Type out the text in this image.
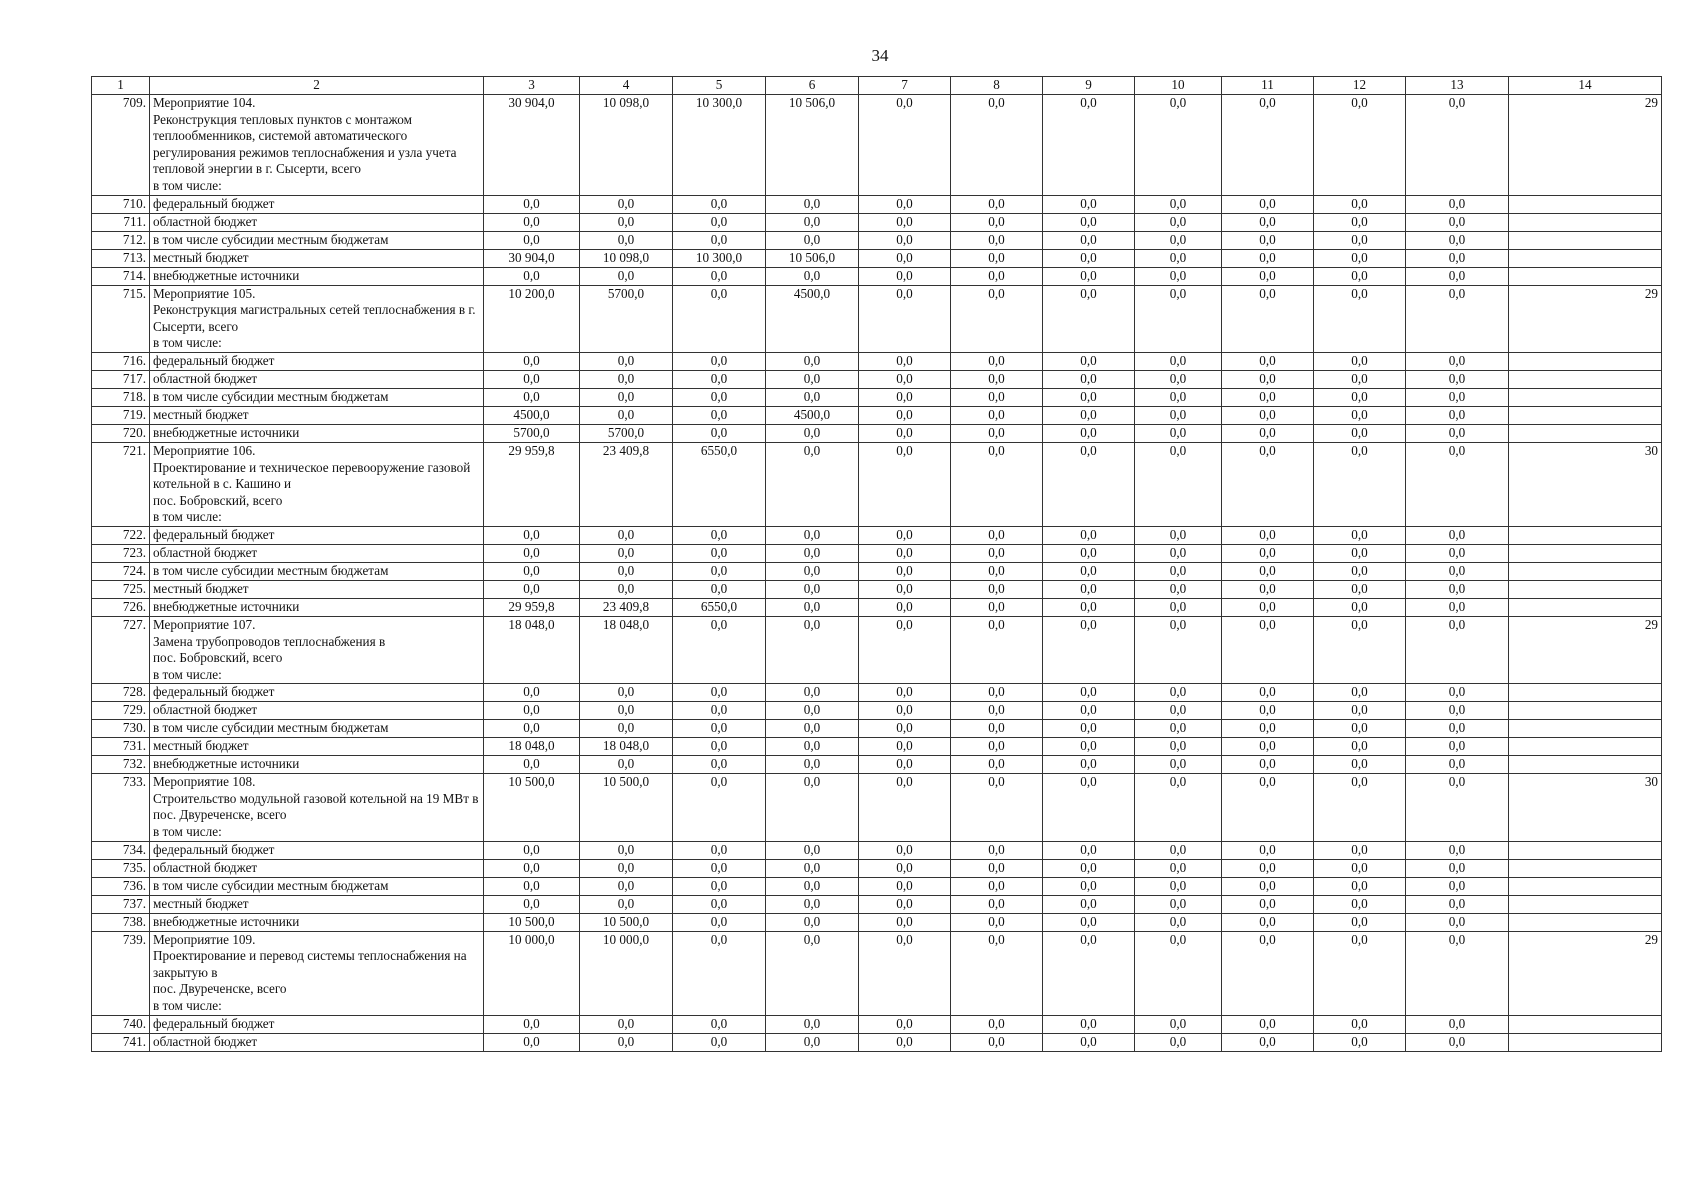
34
1	2	3	4	5	6	7	8	9	10	11	12	13	14
709.	Мероприятие 104.
Реконструкция тепловых пунктов с монтажом теплообменников, системой автоматического регулирования режимов теплоснабжения и узла учета тепловой энергии в г. Сысерти, всего
в том числе:	30 904,0	10 098,0	10 300,0	10 506,0	0,0	0,0	0,0	0,0	0,0	0,0	0,0	29
710.	федеральный бюджет	0,0	0,0	0,0	0,0	0,0	0,0	0,0	0,0	0,0	0,0	0,0	
711.	областной бюджет	0,0	0,0	0,0	0,0	0,0	0,0	0,0	0,0	0,0	0,0	0,0	
712.	в том числе субсидии местным бюджетам	0,0	0,0	0,0	0,0	0,0	0,0	0,0	0,0	0,0	0,0	0,0	
713.	местный бюджет	30 904,0	10 098,0	10 300,0	10 506,0	0,0	0,0	0,0	0,0	0,0	0,0	0,0	
714.	внебюджетные источники	0,0	0,0	0,0	0,0	0,0	0,0	0,0	0,0	0,0	0,0	0,0	
715.	Мероприятие 105.
Реконструкция магистральных сетей теплоснабжения в г. Сысерти, всего
в том числе:	10 200,0	5700,0	0,0	4500,0	0,0	0,0	0,0	0,0	0,0	0,0	0,0	29
716.	федеральный бюджет	0,0	0,0	0,0	0,0	0,0	0,0	0,0	0,0	0,0	0,0	0,0	
717.	областной бюджет	0,0	0,0	0,0	0,0	0,0	0,0	0,0	0,0	0,0	0,0	0,0	
718.	в том числе субсидии местным бюджетам	0,0	0,0	0,0	0,0	0,0	0,0	0,0	0,0	0,0	0,0	0,0	
719.	местный бюджет	4500,0	0,0	0,0	4500,0	0,0	0,0	0,0	0,0	0,0	0,0	0,0	
720.	внебюджетные источники	5700,0	5700,0	0,0	0,0	0,0	0,0	0,0	0,0	0,0	0,0	0,0	
721.	Мероприятие 106.
Проектирование и техническое перевооружение газовой котельной в с. Кашино и
пос. Бобровский, всего
в том числе:	29 959,8	23 409,8	6550,0	0,0	0,0	0,0	0,0	0,0	0,0	0,0	0,0	30
722.	федеральный бюджет	0,0	0,0	0,0	0,0	0,0	0,0	0,0	0,0	0,0	0,0	0,0	
723.	областной бюджет	0,0	0,0	0,0	0,0	0,0	0,0	0,0	0,0	0,0	0,0	0,0	
724.	в том числе субсидии местным бюджетам	0,0	0,0	0,0	0,0	0,0	0,0	0,0	0,0	0,0	0,0	0,0	
725.	местный бюджет	0,0	0,0	0,0	0,0	0,0	0,0	0,0	0,0	0,0	0,0	0,0	
726.	внебюджетные источники	29 959,8	23 409,8	6550,0	0,0	0,0	0,0	0,0	0,0	0,0	0,0	0,0	
727.	Мероприятие 107.
Замена трубопроводов теплоснабжения в
пос. Бобровский, всего
в том числе:	18 048,0	18 048,0	0,0	0,0	0,0	0,0	0,0	0,0	0,0	0,0	0,0	29
728.	федеральный бюджет	0,0	0,0	0,0	0,0	0,0	0,0	0,0	0,0	0,0	0,0	0,0	
729.	областной бюджет	0,0	0,0	0,0	0,0	0,0	0,0	0,0	0,0	0,0	0,0	0,0	
730.	в том числе субсидии местным бюджетам	0,0	0,0	0,0	0,0	0,0	0,0	0,0	0,0	0,0	0,0	0,0	
731.	местный бюджет	18 048,0	18 048,0	0,0	0,0	0,0	0,0	0,0	0,0	0,0	0,0	0,0	
732.	внебюджетные источники	0,0	0,0	0,0	0,0	0,0	0,0	0,0	0,0	0,0	0,0	0,0	
733.	Мероприятие 108.
Строительство модульной газовой котельной на 19 МВт в пос. Двуреченске, всего
в том числе:	10 500,0	10 500,0	0,0	0,0	0,0	0,0	0,0	0,0	0,0	0,0	0,0	30
734.	федеральный бюджет	0,0	0,0	0,0	0,0	0,0	0,0	0,0	0,0	0,0	0,0	0,0	
735.	областной бюджет	0,0	0,0	0,0	0,0	0,0	0,0	0,0	0,0	0,0	0,0	0,0	
736.	в том числе субсидии местным бюджетам	0,0	0,0	0,0	0,0	0,0	0,0	0,0	0,0	0,0	0,0	0,0	
737.	местный бюджет	0,0	0,0	0,0	0,0	0,0	0,0	0,0	0,0	0,0	0,0	0,0	
738.	внебюджетные источники	10 500,0	10 500,0	0,0	0,0	0,0	0,0	0,0	0,0	0,0	0,0	0,0	
739.	Мероприятие 109.
Проектирование и перевод системы теплоснабжения на закрытую в
пос. Двуреченске, всего
в том числе:	10 000,0	10 000,0	0,0	0,0	0,0	0,0	0,0	0,0	0,0	0,0	0,0	29
740.	федеральный бюджет	0,0	0,0	0,0	0,0	0,0	0,0	0,0	0,0	0,0	0,0	0,0	
741.	областной бюджет	0,0	0,0	0,0	0,0	0,0	0,0	0,0	0,0	0,0	0,0	0,0	
